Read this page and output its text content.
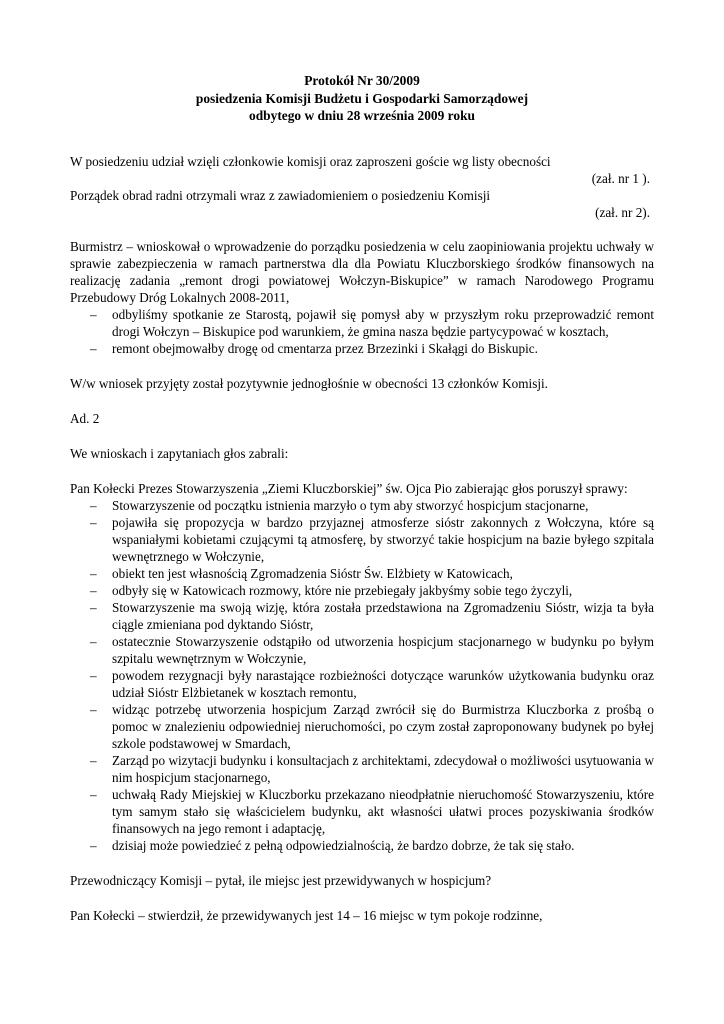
Protokół Nr 30/2009
posiedzenia Komisji Budżetu i Gospodarki Samorządowej
odbytego w dniu 28 września 2009 roku

W posiedzeniu udział wzięli członkowie komisji oraz zaproszeni goście wg listy obecności

(zał. nr 1 ).

Porządek obrad radni otrzymali wraz z zawiadomieniem o posiedzeniu Komisji

(zał. nr 2).

Burmistrz – wnioskował o wprowadzenie do porządku posiedzenia w celu zaopiniowania projektu uchwały w sprawie zabezpieczenia w ramach partnerstwa dla dla Powiatu Kluczborskiego środków finansowych na realizację zadania „remont drogi powiatowej Wołczyn-Biskupice” w ramach Narodowego Programu Przebudowy Dróg Lokalnych 2008-2011,

– odbyliśmy spotkanie ze Starostą, pojawił się pomysł aby w przyszłym roku przeprowadzić remont drogi Wołczyn – Biskupice pod warunkiem, że gmina nasza będzie partycypować w kosztach,
– remont obejmowałby drogę od cmentarza przez Brzezinki i Skałągi do Biskupic.

W/w wniosek przyjęty został pozytywnie jednogłośnie w obecności 13 członków Komisji.

Ad. 2

We wnioskach i zapytaniach głos zabrali:

Pan Kołecki Prezes Stowarzyszenia „Ziemi Kluczborskiej” św. Ojca Pio zabierając głos poruszył sprawy:

– Stowarzyszenie od początku istnienia marzyło o tym aby stworzyć hospicjum stacjonarne,
– pojawiła się propozycja w bardzo przyjaznej atmosferze sióstr zakonnych z Wołczyna, które są wspaniałymi kobietami czującymi tą atmosferę, by stworzyć takie hospicjum na bazie byłego szpitala wewnętrznego w Wołczynie,
– obiekt ten jest własnością Zgromadzenia Sióstr Św. Elżbiety w Katowicach,
– odbyły się w Katowicach rozmowy, które nie przebiegały jakbyśmy sobie tego życzyli,
– Stowarzyszenie ma swoją wizję, która została przedstawiona na Zgromadzeniu Sióstr, wizja ta była ciągle zmieniana pod dyktando Sióstr,
– ostatecznie Stowarzyszenie odstąpiło od utworzenia hospicjum stacjonarnego w budynku po byłym szpitalu wewnętrznym w Wołczynie,
– powodem rezygnacji były narastające rozbieżności dotyczące warunków użytkowania budynku oraz udział Sióstr Elżbietanek w kosztach remontu,
– widząc potrzebę utworzenia hospicjum Zarząd zwrócił się do Burmistrza Kluczborka z prośbą o pomoc w znalezieniu odpowiedniej nieruchomości, po czym został zaproponowany budynek po byłej szkole podstawowej w Smardach,
– Zarząd po wizytacji budynku i konsultacjach z architektami, zdecydował o możliwości usytuowania w nim hospicjum stacjonarnego,
– uchwałą Rady Miejskiej w Kluczborku przekazano nieodpłatnie nieruchomość Stowarzyszeniu, które tym samym stało się właścicielem budynku, akt własności ułatwi proces pozyskiwania środków finansowych na jego remont i adaptację,
– dzisiaj może powiedzieć z pełną odpowiedzialnością, że bardzo dobrze, że tak się stało.

Przewodniczący Komisji – pytał, ile miejsc jest przewidywanych w hospicjum?

Pan Kołecki – stwierdził, że przewidywanych jest 14 – 16 miejsc w tym pokoje rodzinne,
